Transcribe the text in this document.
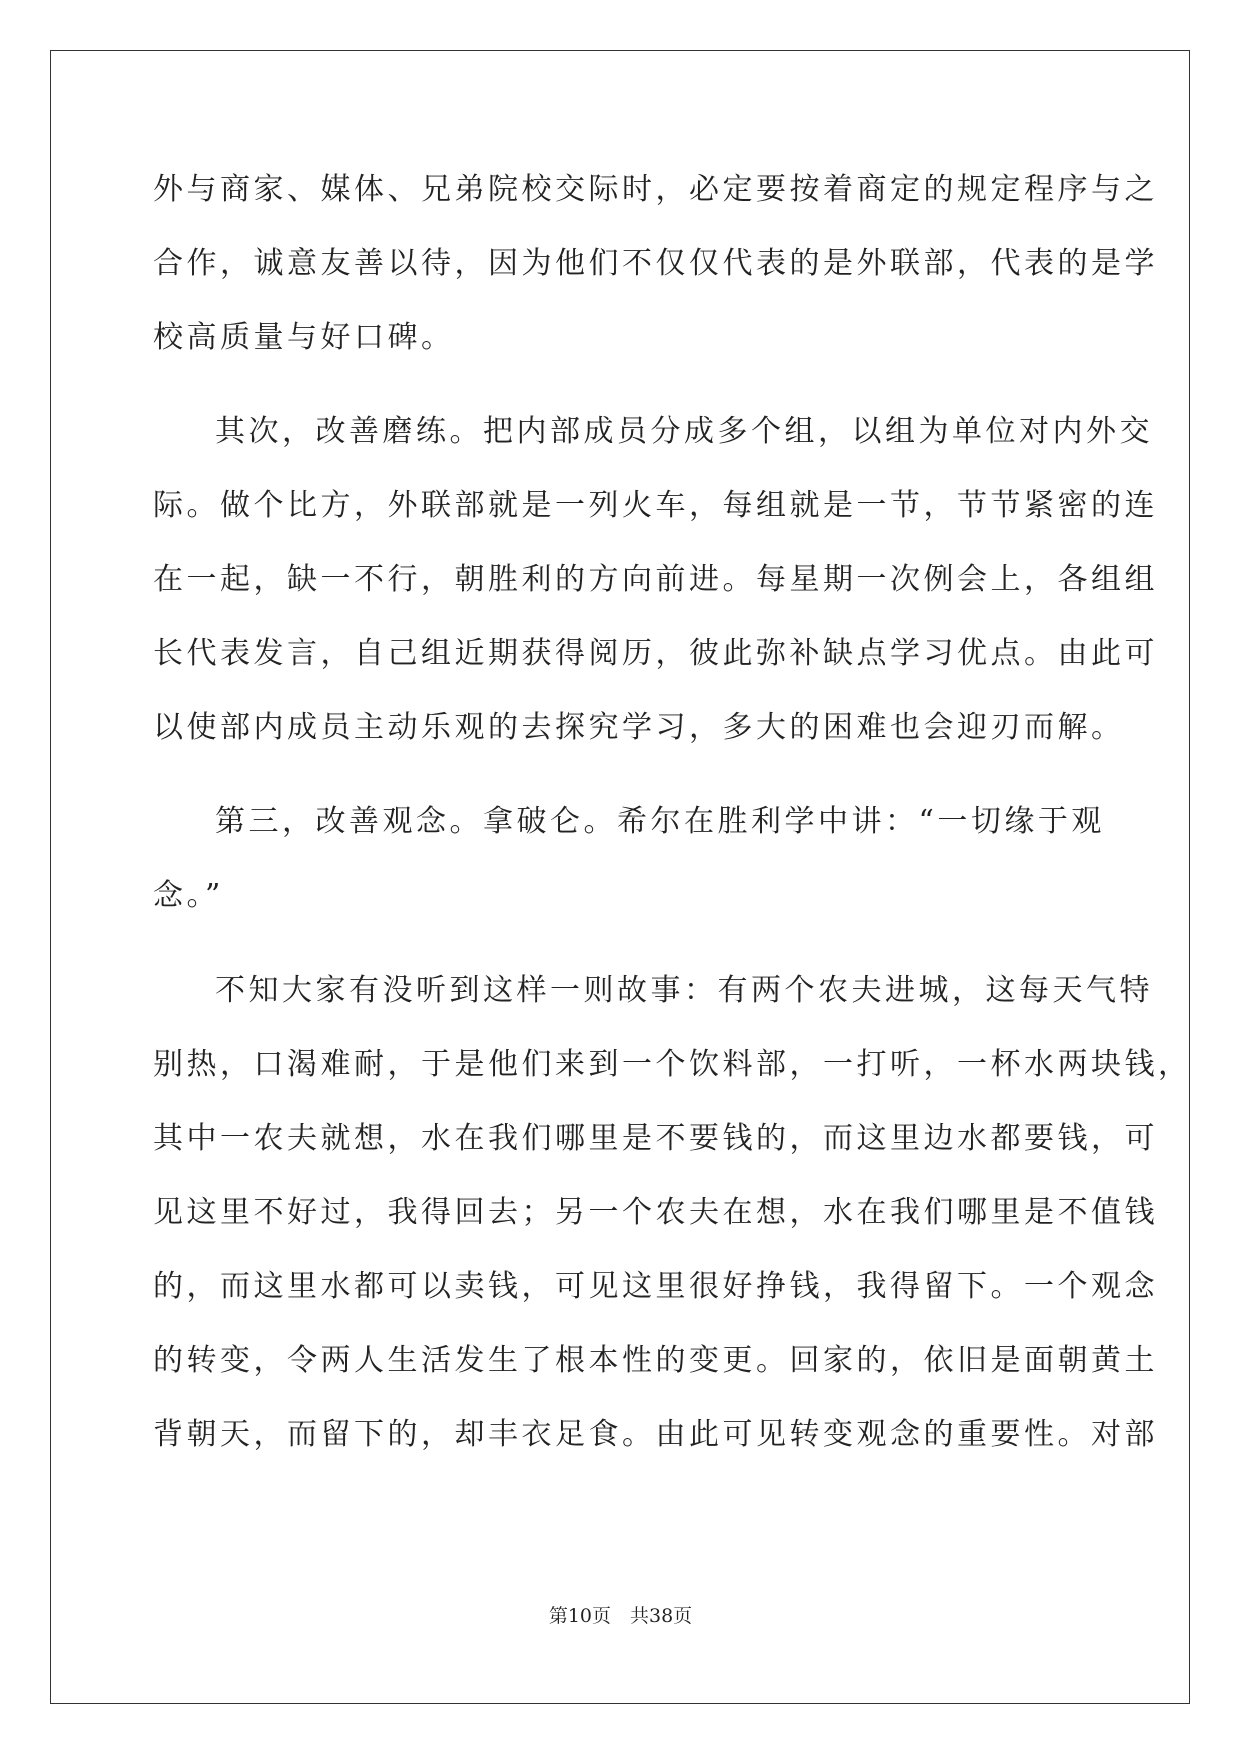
外与商家、媒体、兄弟院校交际时，必定要按着商定的规定程序与之
合作，诚意友善以待，因为他们不仅仅代表的是外联部，代表的是学
校高质量与好口碑。
其次，改善磨练。把内部成员分成多个组，以组为单位对内外交
际。做个比方，外联部就是一列火车，每组就是一节，节节紧密的连
在一起，缺一不行，朝胜利的方向前进。每星期一次例会上，各组组
长代表发言，自己组近期获得阅历，彼此弥补缺点学习优点。由此可
以使部内成员主动乐观的去探究学习，多大的困难也会迎刃而解。
第三，改善观念。拿破仑。希尔在胜利学中讲：“一切缘于观
念。”
不知大家有没听到这样一则故事：有两个农夫进城，这每天气特
别热，口渴难耐，于是他们来到一个饮料部，一打听，一杯水两块钱，
其中一农夫就想，水在我们哪里是不要钱的，而这里边水都要钱，可
见这里不好过，我得回去；另一个农夫在想，水在我们哪里是不值钱
的，而这里水都可以卖钱，可见这里很好挣钱，我得留下。一个观念
的转变，令两人生活发生了根本性的变更。回家的，依旧是面朝黄土
背朝天，而留下的，却丰衣足食。由此可见转变观念的重要性。对部
第10页　共38页
